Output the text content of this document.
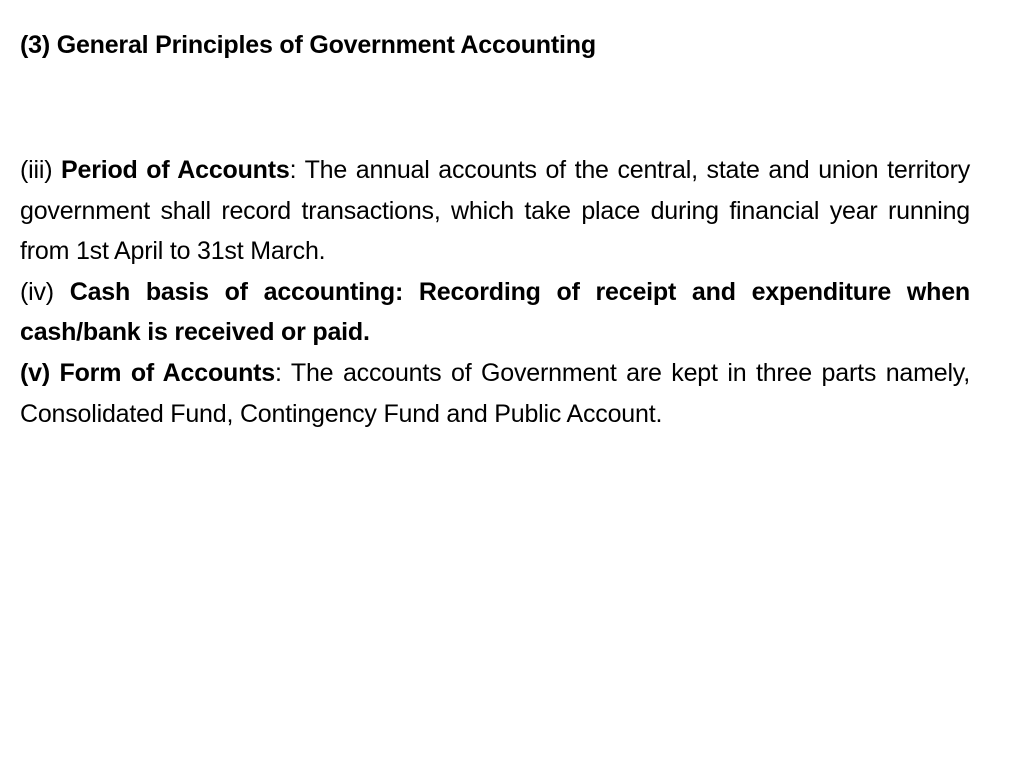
(3) General Principles of Government Accounting

(iii) Period of Accounts: The annual accounts of the central, state and union territory government shall record transactions, which take place during financial year running from 1st April to 31st March.

(iv) Cash basis of accounting: Recording of receipt and expenditure when cash/bank is received or paid.

(v) Form of Accounts: The accounts of Government are kept in three parts namely, Consolidated Fund, Contingency Fund and Public Account.
